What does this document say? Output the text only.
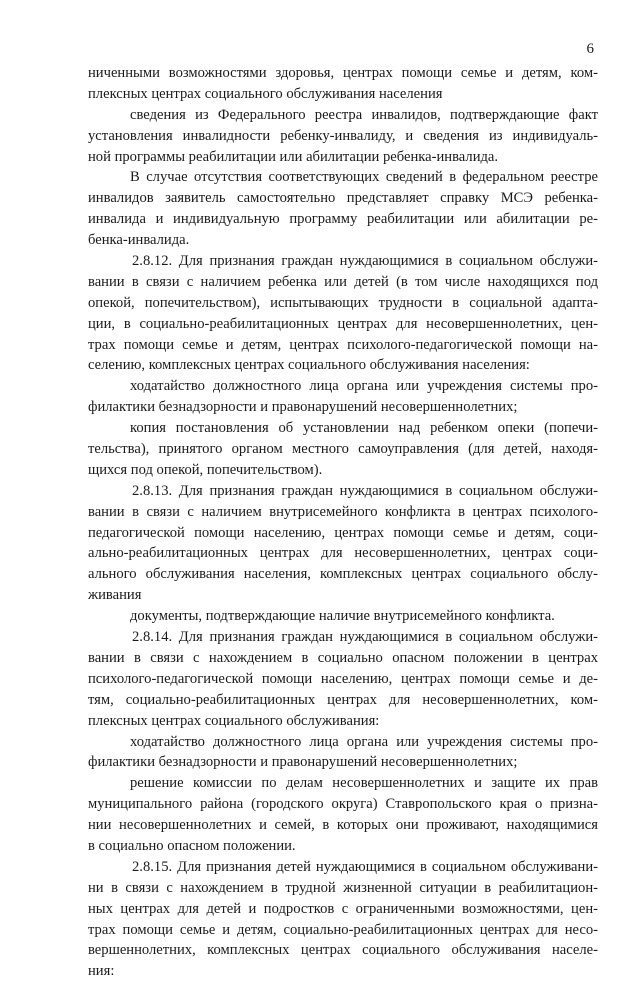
6
ниченными возможностями здоровья, центрах помощи семье и детям, ком-
плексных центрах социального обслуживания населения
сведения из Федерального реестра инвалидов, подтверждающие факт
установления инвалидности ребенку-инвалиду, и сведения из индивидуаль-
ной программы реабилитации или абилитации ребенка-инвалида.
В случае отсутствия соответствующих сведений в федеральном реестре
инвалидов заявитель самостоятельно представляет справку МСЭ ребенка-
инвалида и индивидуальную программу реабилитации или абилитации ре-
бенка-инвалида.
2.8.12. Для признания граждан нуждающимися в социальном обслужи-
вании в связи с наличием ребенка или детей (в том числе находящихся под
опекой, попечительством), испытывающих трудности в социальной адапта-
ции, в социально-реабилитационных центрах для несовершеннолетних, цен-
трах помощи семье и детям, центрах психолого-педагогической помощи на-
селению, комплексных центрах социального обслуживания населения:
ходатайство должностного лица органа или учреждения системы про-
филактики безнадзорности и правонарушений несовершеннолетних;
копия постановления об установлении над ребенком опеки (попечи-
тельства), принятого органом местного самоуправления (для детей, находя-
щихся под опекой, попечительством).
2.8.13. Для признания граждан нуждающимися в социальном обслужи-
вании в связи с наличием внутрисемейного конфликта в центрах психолого-
педагогической помощи населению, центрах помощи семье и детям, соци-
ально-реабилитационных центрах для несовершеннолетних, центрах соци-
ального обслуживания населения, комплексных центрах социального обслу-
живания
документы, подтверждающие наличие внутрисемейного конфликта.
2.8.14. Для признания граждан нуждающимися в социальном обслужи-
вании в связи с нахождением в социально опасном положении в центрах
психолого-педагогической помощи населению, центрах помощи семье и де-
тям, социально-реабилитационных центрах для несовершеннолетних, ком-
плексных центрах социального обслуживания:
ходатайство должностного лица органа или учреждения системы про-
филактики безнадзорности и правонарушений несовершеннолетних;
решение комиссии по делам несовершеннолетних и защите их прав
муниципального района (городского округа) Ставропольского края о призна-
нии несовершеннолетних и семей, в которых они проживают, находящимися
в социально опасном положении.
2.8.15. Для признания детей нуждающимися в социальном обслуживани-
ни в связи с нахождением в трудной жизненной ситуации в реабилитацион-
ных центрах для детей и подростков с ограниченными возможностями, цен-
трах помощи семье и детям, социально-реабилитационных центрах для несо-
вершеннолетних, комплексных центрах социального обслуживания населе-
ния:
